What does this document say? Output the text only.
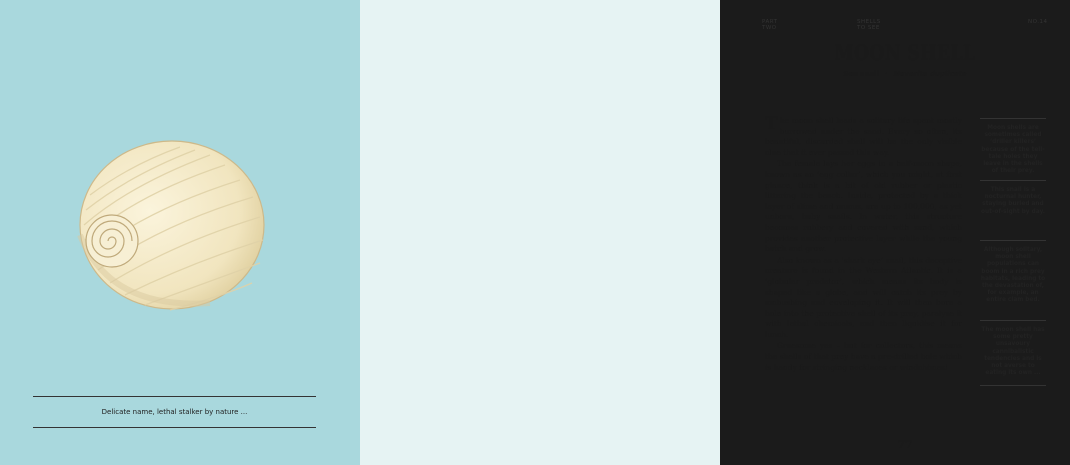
Delicate name, lethal stalker by nature ...
PART TWO
SHELLS TO SEE
NO.14
MOON SHELL
Sea snail · Neverita duplicata

The moon shell leads a solitary life spent mostly burrowed under the sand. Every so often, its beautiful, discarded shell will be the only visible clue that it ever passed this way.

The female lays her eggs in a half-moon shape, known as an ‘egg collar’, which you might, at first glance, think is a bit of old rubber or plastic littering the beach. Inside, protected by a thick layer of slime and mucus, are up to 100,000, as yet unborn, baby snails. In water, this structure becomes rubbery and covered with sand, which provides another protective layer while the young hatch and grow.

Also known as a ‘shark eye’ snail, this deceptive creature is found in the Western Atlantic. It is a ‘globular predator’, which means its body is shaped like a globe, and will catch its prey by ambushing and enveloping it. It will then bore a hole into the protective shell of its prey, paralyse it with lethal chemicals, and then liquidise it for lunch.

Gruesome yes – but for collectors, this means the shells of that prey have a pre-drilled hole which is handy for stringing necklaces or windchimes!

Moon shells are sometimes called ‘driller killers’ because of the tell-tale holes they leave in the shells of their prey.
This snail is a nocturnal hunter, staying buried and out-of-sight by day.
Although solitary, moon shell populations can boom in a rich prey habitats, leading to the devastation of, for example, an entire clam bed.
The moon shell has some pretty unsavoury cannibalistic tendencies and is not averse to eating its own ...
77
